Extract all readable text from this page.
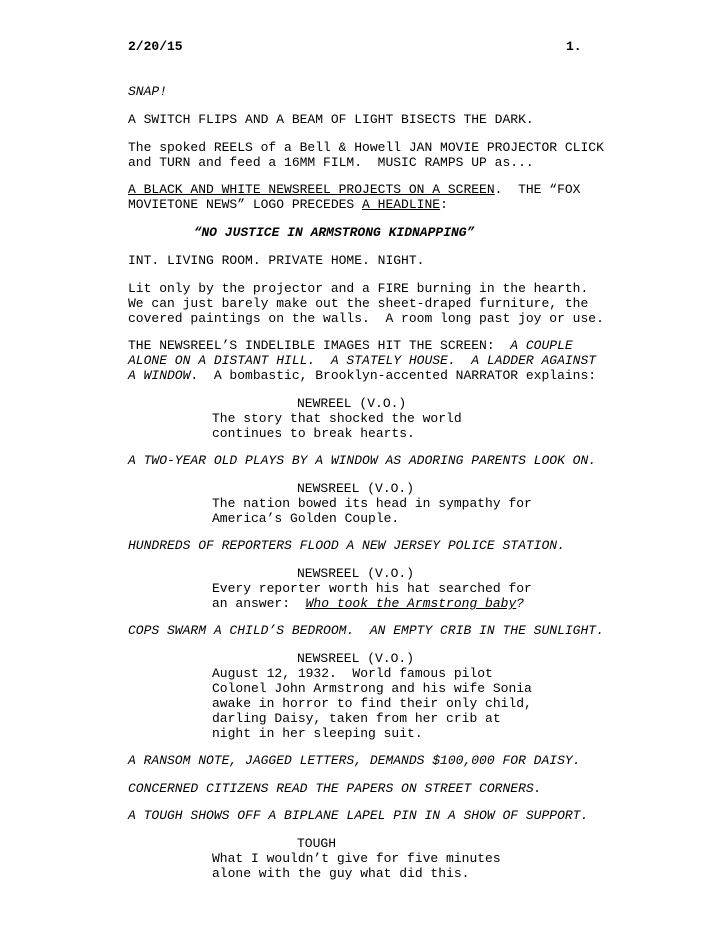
2/20/15	1.
SNAP!
A SWITCH FLIPS AND A BEAM OF LIGHT BISECTS THE DARK.
The spoked REELS of a Bell & Howell JAN MOVIE PROJECTOR CLICK
and TURN and feed a 16MM FILM.  MUSIC RAMPS UP as...
A BLACK AND WHITE NEWSREEL PROJECTS ON A SCREEN.  THE “FOX
MOVIETONE NEWS” LOGO PRECEDES A HEADLINE:
“NO JUSTICE IN ARMSTRONG KIDNAPPING”
INT. LIVING ROOM. PRIVATE HOME. NIGHT.
Lit only by the projector and a FIRE burning in the hearth.
We can just barely make out the sheet-draped furniture, the
covered paintings on the walls.  A room long past joy or use.
THE NEWSREEL’S INDELIBLE IMAGES HIT THE SCREEN:  A COUPLE
ALONE ON A DISTANT HILL.  A STATELY HOUSE.  A LADDER AGAINST
A WINDOW.  A bombastic, Brooklyn-accented NARRATOR explains:
NEWREEL (V.O.)
The story that shocked the world
continues to break hearts.
A TWO-YEAR OLD PLAYS BY A WINDOW AS ADORING PARENTS LOOK ON.
NEWSREEL (V.O.)
The nation bowed its head in sympathy for
America’s Golden Couple.
HUNDREDS OF REPORTERS FLOOD A NEW JERSEY POLICE STATION.
NEWSREEL (V.O.)
Every reporter worth his hat searched for
an answer:  Who took the Armstrong baby?
COPS SWARM A CHILD’S BEDROOM.  AN EMPTY CRIB IN THE SUNLIGHT.
NEWSREEL (V.O.)
August 12, 1932.  World famous pilot
Colonel John Armstrong and his wife Sonia
awake in horror to find their only child,
darling Daisy, taken from her crib at
night in her sleeping suit.
A RANSOM NOTE, JAGGED LETTERS, DEMANDS $100,000 FOR DAISY.
CONCERNED CITIZENS READ THE PAPERS ON STREET CORNERS.
A TOUGH SHOWS OFF A BIPLANE LAPEL PIN IN A SHOW OF SUPPORT.
TOUGH
What I wouldn’t give for five minutes
alone with the guy what did this.
